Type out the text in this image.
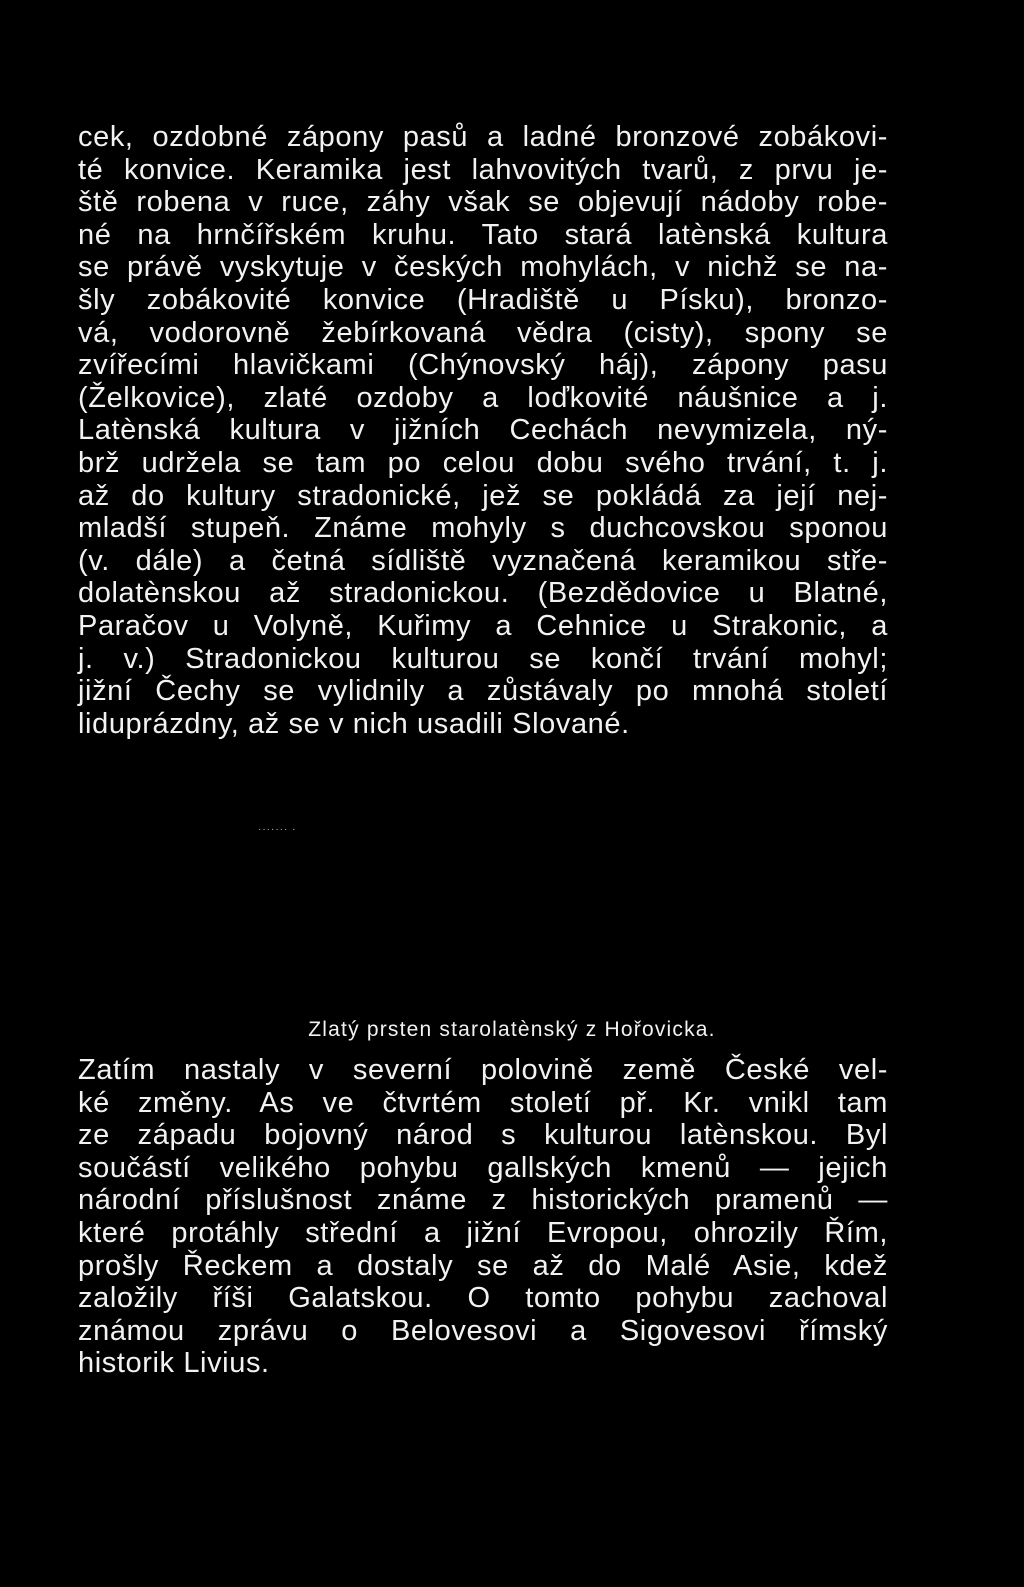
cek, ozdobné zápony pasů a ladné bronzové zobákovi-
té konvice. Keramika jest lahvovitých tvarů, z prvu je-
ště robena v ruce, záhy však se objevují nádoby robe-
né na hrnčířském kruhu. Tato stará latènská kultura
se právě vyskytuje v českých mohylách, v nichž se na-
šly zobákovité konvice (Hradiště u Písku), bronzo-
vá, vodorovně žebírkovaná vědra (cisty), spony se
zvířecími hlavičkami (Chýnovský háj), zápony pasu
(Želkovice), zlaté ozdoby a loďkovité náušnice a j.
Latènská kultura v jižních Cechách nevymizela, ný-
brž udržela se tam po celou dobu svého trvání, t. j.
až do kultury stradonické, jež se pokládá za její nej-
mladší stupeň. Známe mohyly s duchcovskou sponou
(v. dále) a četná sídliště vyznačená keramikou stře-
dolatènskou až stradonickou. (Bezdědovice u Blatné,
Paračov u Volyně, Kuřimy a Cehnice u Strakonic, a
j. v.) Stradonickou kulturou se končí trvání mohyl;
jižní Čechy se vylidnily a zůstávaly po mnohá století
liduprázdny, až se v nich usadili Slované.
······· ·
Zlatý prsten starolatènský z Hořovicka.
Zatím nastaly v severní polovině země České vel-
ké změny. As ve čtvrtém století př. Kr. vnikl tam
ze západu bojovný národ s kulturou latènskou. Byl
součástí velikého pohybu gallských kmenů — jejich
národní příslušnost známe z historických pramenů —
které protáhly střední a jižní Evropou, ohrozily Řím,
prošly Řeckem a dostaly se až do Malé Asie, kdež
založily říši Galatskou. O tomto pohybu zachoval
známou zprávu o Belovesovi a Sigovesovi římský
historik Livius.
